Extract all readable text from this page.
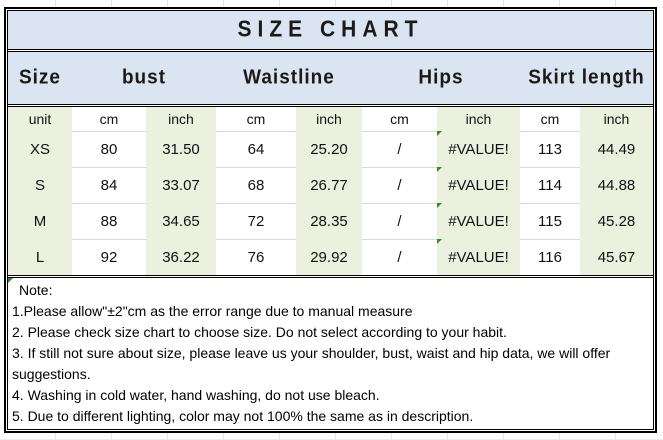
SIZE CHART
Size	bust	Waistline	Hips	Skirt length
unit	cm	inch	cm	inch	cm	inch	cm	inch
XS	80	31.50	64	25.20	/	#VALUE!	113	44.49
S	84	33.07	68	26.77	/	#VALUE!	114	44.88
M	88	34.65	72	28.35	/	#VALUE!	115	45.28
L	92	36.22	76	29.92	/	#VALUE!	116	45.67
Note:
1.Please allow"±2"cm as the error range due to manual measure
2. Please check size chart to choose size. Do not select according to your habit.
3. If still not sure about size, please leave us your shoulder, bust, waist and hip data, we will offer suggestions.
4. Washing in cold water, hand washing, do not use bleach.
5. Due to different lighting, color may not 100% the same as in description.
